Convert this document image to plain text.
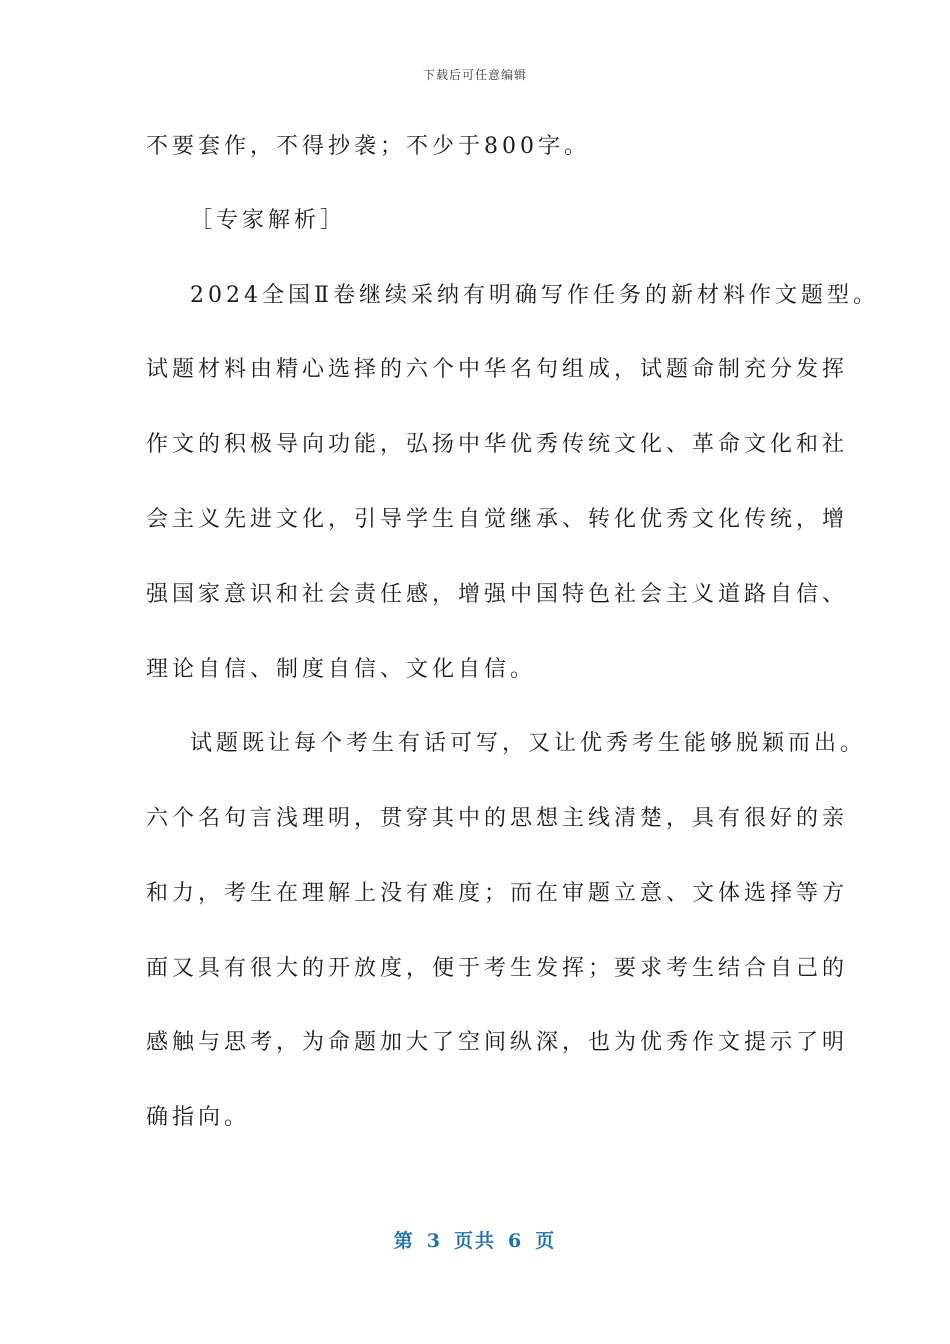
下载后可任意编辑
不要套作，不得抄袭；不少于800字。
［专家解析］
2024全国Ⅱ卷继续采纳有明确写作任务的新材料作文题型。
试题材料由精心选择的六个中华名句组成，试题命制充分发挥
作文的积极导向功能，弘扬中华优秀传统文化、革命文化和社
会主义先进文化，引导学生自觉继承、转化优秀文化传统，增
强国家意识和社会责任感，增强中国特色社会主义道路自信、
理论自信、制度自信、文化自信。
试题既让每个考生有话可写，又让优秀考生能够脱颖而出。
六个名句言浅理明，贯穿其中的思想主线清楚，具有很好的亲
和力，考生在理解上没有难度；而在审题立意、文体选择等方
面又具有很大的开放度，便于考生发挥；要求考生结合自己的
感触与思考，为命题加大了空间纵深，也为优秀作文提示了明
确指向。
第 3 页共 6 页
